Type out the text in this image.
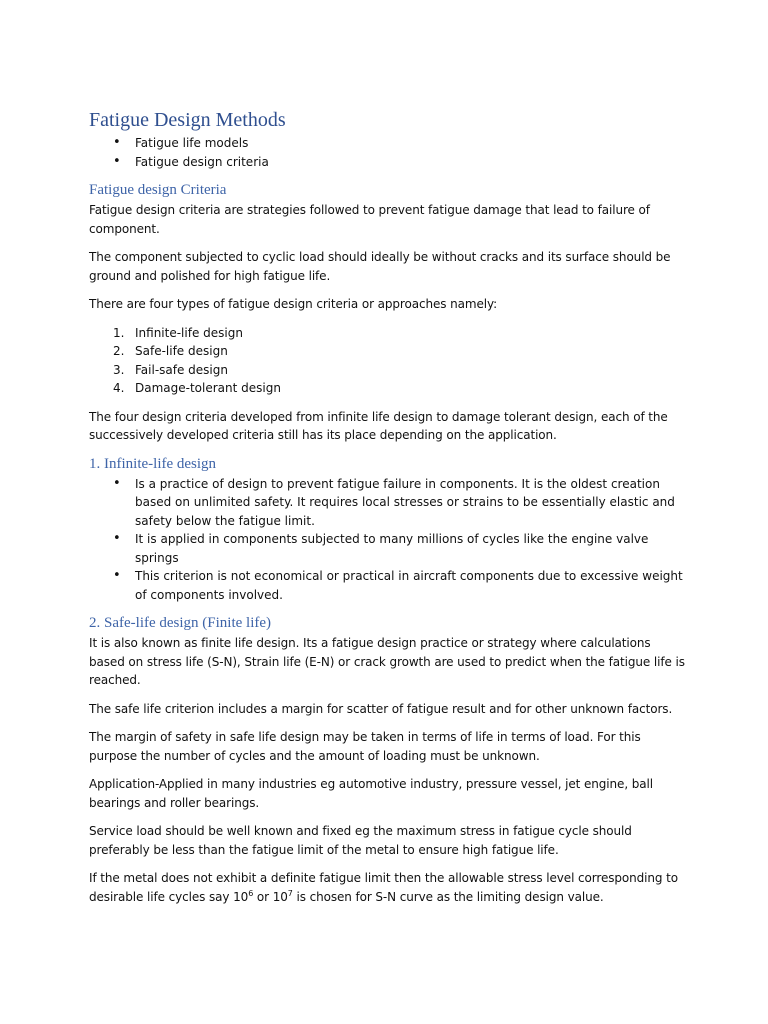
Fatigue Design Methods
• Fatigue life models
• Fatigue design criteria
Fatigue design Criteria

Fatigue design criteria are strategies followed to prevent fatigue damage that lead to failure of component.

The component subjected to cyclic load should ideally be without cracks and its surface should be ground and polished for high fatigue life.

There are four types of fatigue design criteria or approaches namely:

1. Infinite-life design
2. Safe-life design
3. Fail-safe design
4. Damage-tolerant design

The four design criteria developed from infinite life design to damage tolerant design, each of the successively developed criteria still has its place depending on the application.

1. Infinite-life design
• Is a practice of design to prevent fatigue failure in components. It is the oldest creation based on unlimited safety. It requires local stresses or strains to be essentially elastic and safety below the fatigue limit.
• It is applied in components subjected to many millions of cycles like the engine valve springs
• This criterion is not economical or practical in aircraft components due to excessive weight of components involved.
2. Safe-life design (Finite life)

It is also known as finite life design. Its a fatigue design practice or strategy where calculations based on stress life (S-N), Strain life (E-N) or crack growth are used to predict when the fatigue life is reached.

The safe life criterion includes a margin for scatter of fatigue result and for other unknown factors.

The margin of safety in safe life design may be taken in terms of life in terms of load. For this purpose the number of cycles and the amount of loading must be unknown.

Application-Applied in many industries eg automotive industry, pressure vessel, jet engine, ball bearings and roller bearings.

Service load should be well known and fixed eg the maximum stress in fatigue cycle should preferably be less than the fatigue limit of the metal to ensure high fatigue life.

If the metal does not exhibit a definite fatigue limit then the allowable stress level corresponding to desirable life cycles say $10^6$ or $10^7$ is chosen for S-N curve as the limiting design value.
